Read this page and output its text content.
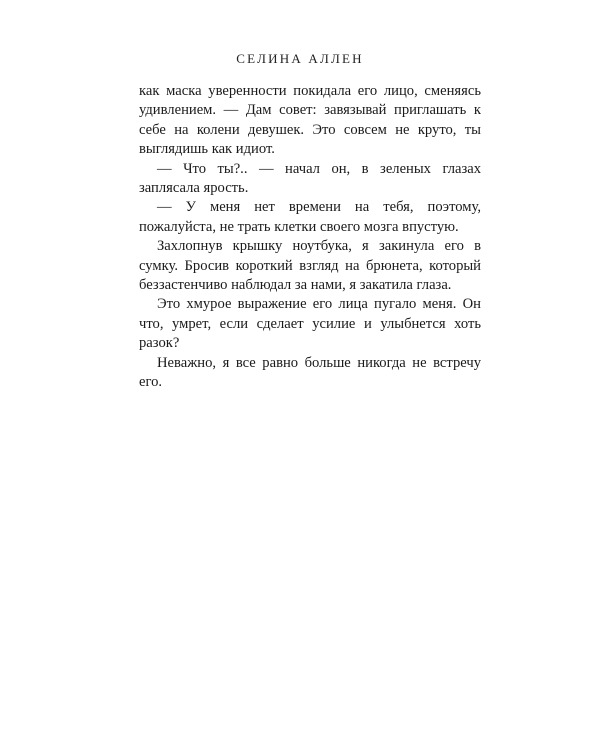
СЕЛИНА АЛЛЕН

как маска уверенности покидала его лицо, сменяясь удивлением. — Дам совет: завязывай приглашать к себе на колени девушек. Это совсем не круто, ты выглядишь как идиот.

— Что ты?.. — начал он, в зеленых глазах заплясала ярость.

— У меня нет времени на тебя, поэтому, пожалуйста, не трать клетки своего мозга впустую.

Захлопнув крышку ноутбука, я закинула его в сумку. Бросив короткий взгляд на брюнета, который беззастенчиво наблюдал за нами, я закатила глаза.

Это хмурое выражение его лица пугало меня. Он что, умрет, если сделает усилие и улыбнется хоть разок?

Неважно, я все равно больше никогда не встречу его.
